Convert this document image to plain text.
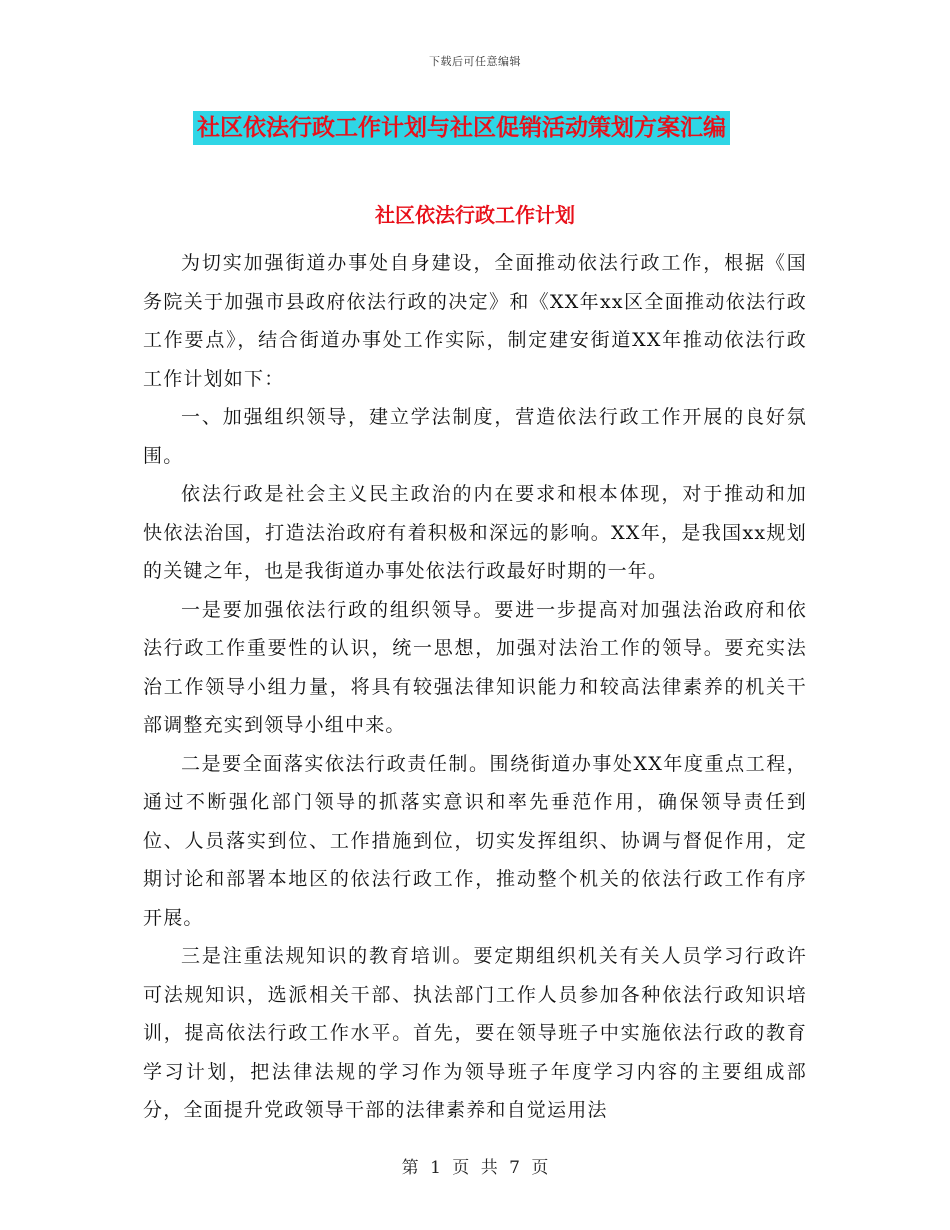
下载后可任意编辑
社区依法行政工作计划与社区促销活动策划方案汇编
社区依法行政工作计划

为切实加强街道办事处自身建设，全面推动依法行政工作，根据《国务院关于加强市县政府依法行政的决定》和《XX年xx区全面推动依法行政工作要点》，结合街道办事处工作实际，制定建安街道XX年推动依法行政工作计划如下：

一、加强组织领导，建立学法制度，营造依法行政工作开展的良好氛围。

依法行政是社会主义民主政治的内在要求和根本体现，对于推动和加快依法治国，打造法治政府有着积极和深远的影响。XX年，是我国xx规划的关键之年，也是我街道办事处依法行政最好时期的一年。

一是要加强依法行政的组织领导。要进一步提高对加强法治政府和依法行政工作重要性的认识，统一思想，加强对法治工作的领导。要充实法治工作领导小组力量，将具有较强法律知识能力和较高法律素养的机关干部调整充实到领导小组中来。

二是要全面落实依法行政责任制。围绕街道办事处XX年度重点工程，通过不断强化部门领导的抓落实意识和率先垂范作用，确保领导责任到位、人员落实到位、工作措施到位，切实发挥组织、协调与督促作用，定期讨论和部署本地区的依法行政工作，推动整个机关的依法行政工作有序开展。

三是注重法规知识的教育培训。要定期组织机关有关人员学习行政许可法规知识，选派相关干部、执法部门工作人员参加各种依法行政知识培训，提高依法行政工作水平。首先，要在领导班子中实施依法行政的教育学习计划，把法律法规的学习作为领导班子年度学习内容的主要组成部分，全面提升党政领导干部的法律素养和自觉运用法

第 1 页 共 7 页
